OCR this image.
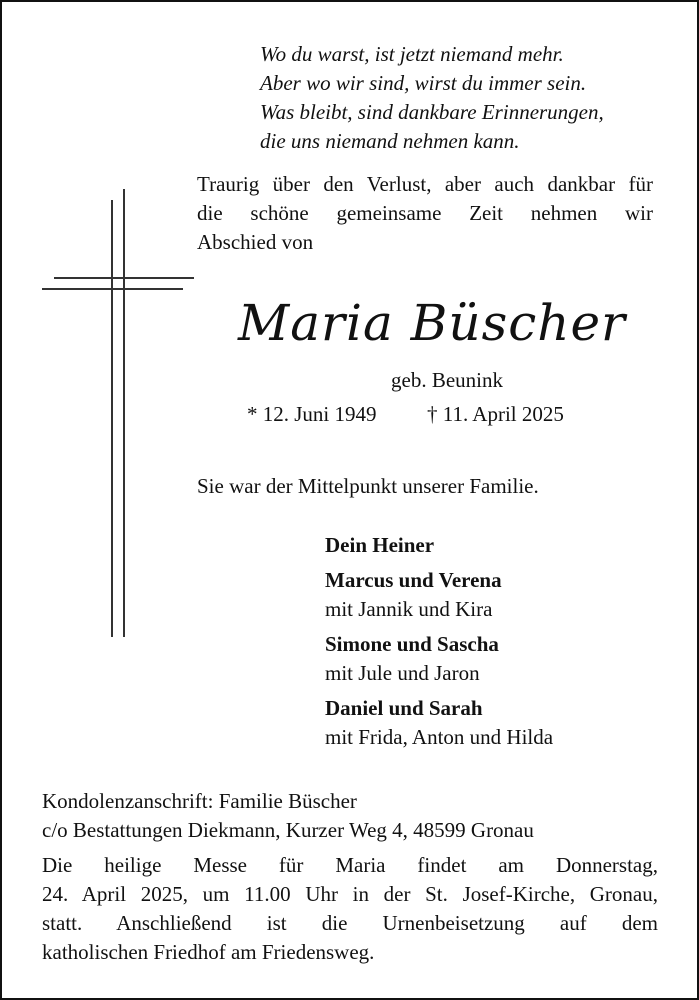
Wo du warst, ist jetzt niemand mehr.
Aber wo wir sind, wirst du immer sein.
Was bleibt, sind dankbare Erinnerungen,
die uns niemand nehmen kann.
Traurig über den Verlust, aber auch dankbar für
die schöne gemeinsame Zeit nehmen wir
Abschied von
Maria Büscher
geb. Beunink
* 12. Juni 1949 † 11. April 2025
Sie war der Mittelpunkt unserer Familie.
Dein Heiner
Marcus und Verena
mit Jannik und Kira
Simone und Sascha
mit Jule und Jaron
Daniel und Sarah
mit Frida, Anton und Hilda
Kondolenzanschrift: Familie Büscher
c/o Bestattungen Diekmann, Kurzer Weg 4, 48599 Gronau
Die heilige Messe für Maria findet am Donnerstag,
24. April 2025, um 11.00 Uhr in der St. Josef-Kirche, Gronau,
statt. Anschließend ist die Urnenbeisetzung auf dem
katholischen Friedhof am Friedensweg.
